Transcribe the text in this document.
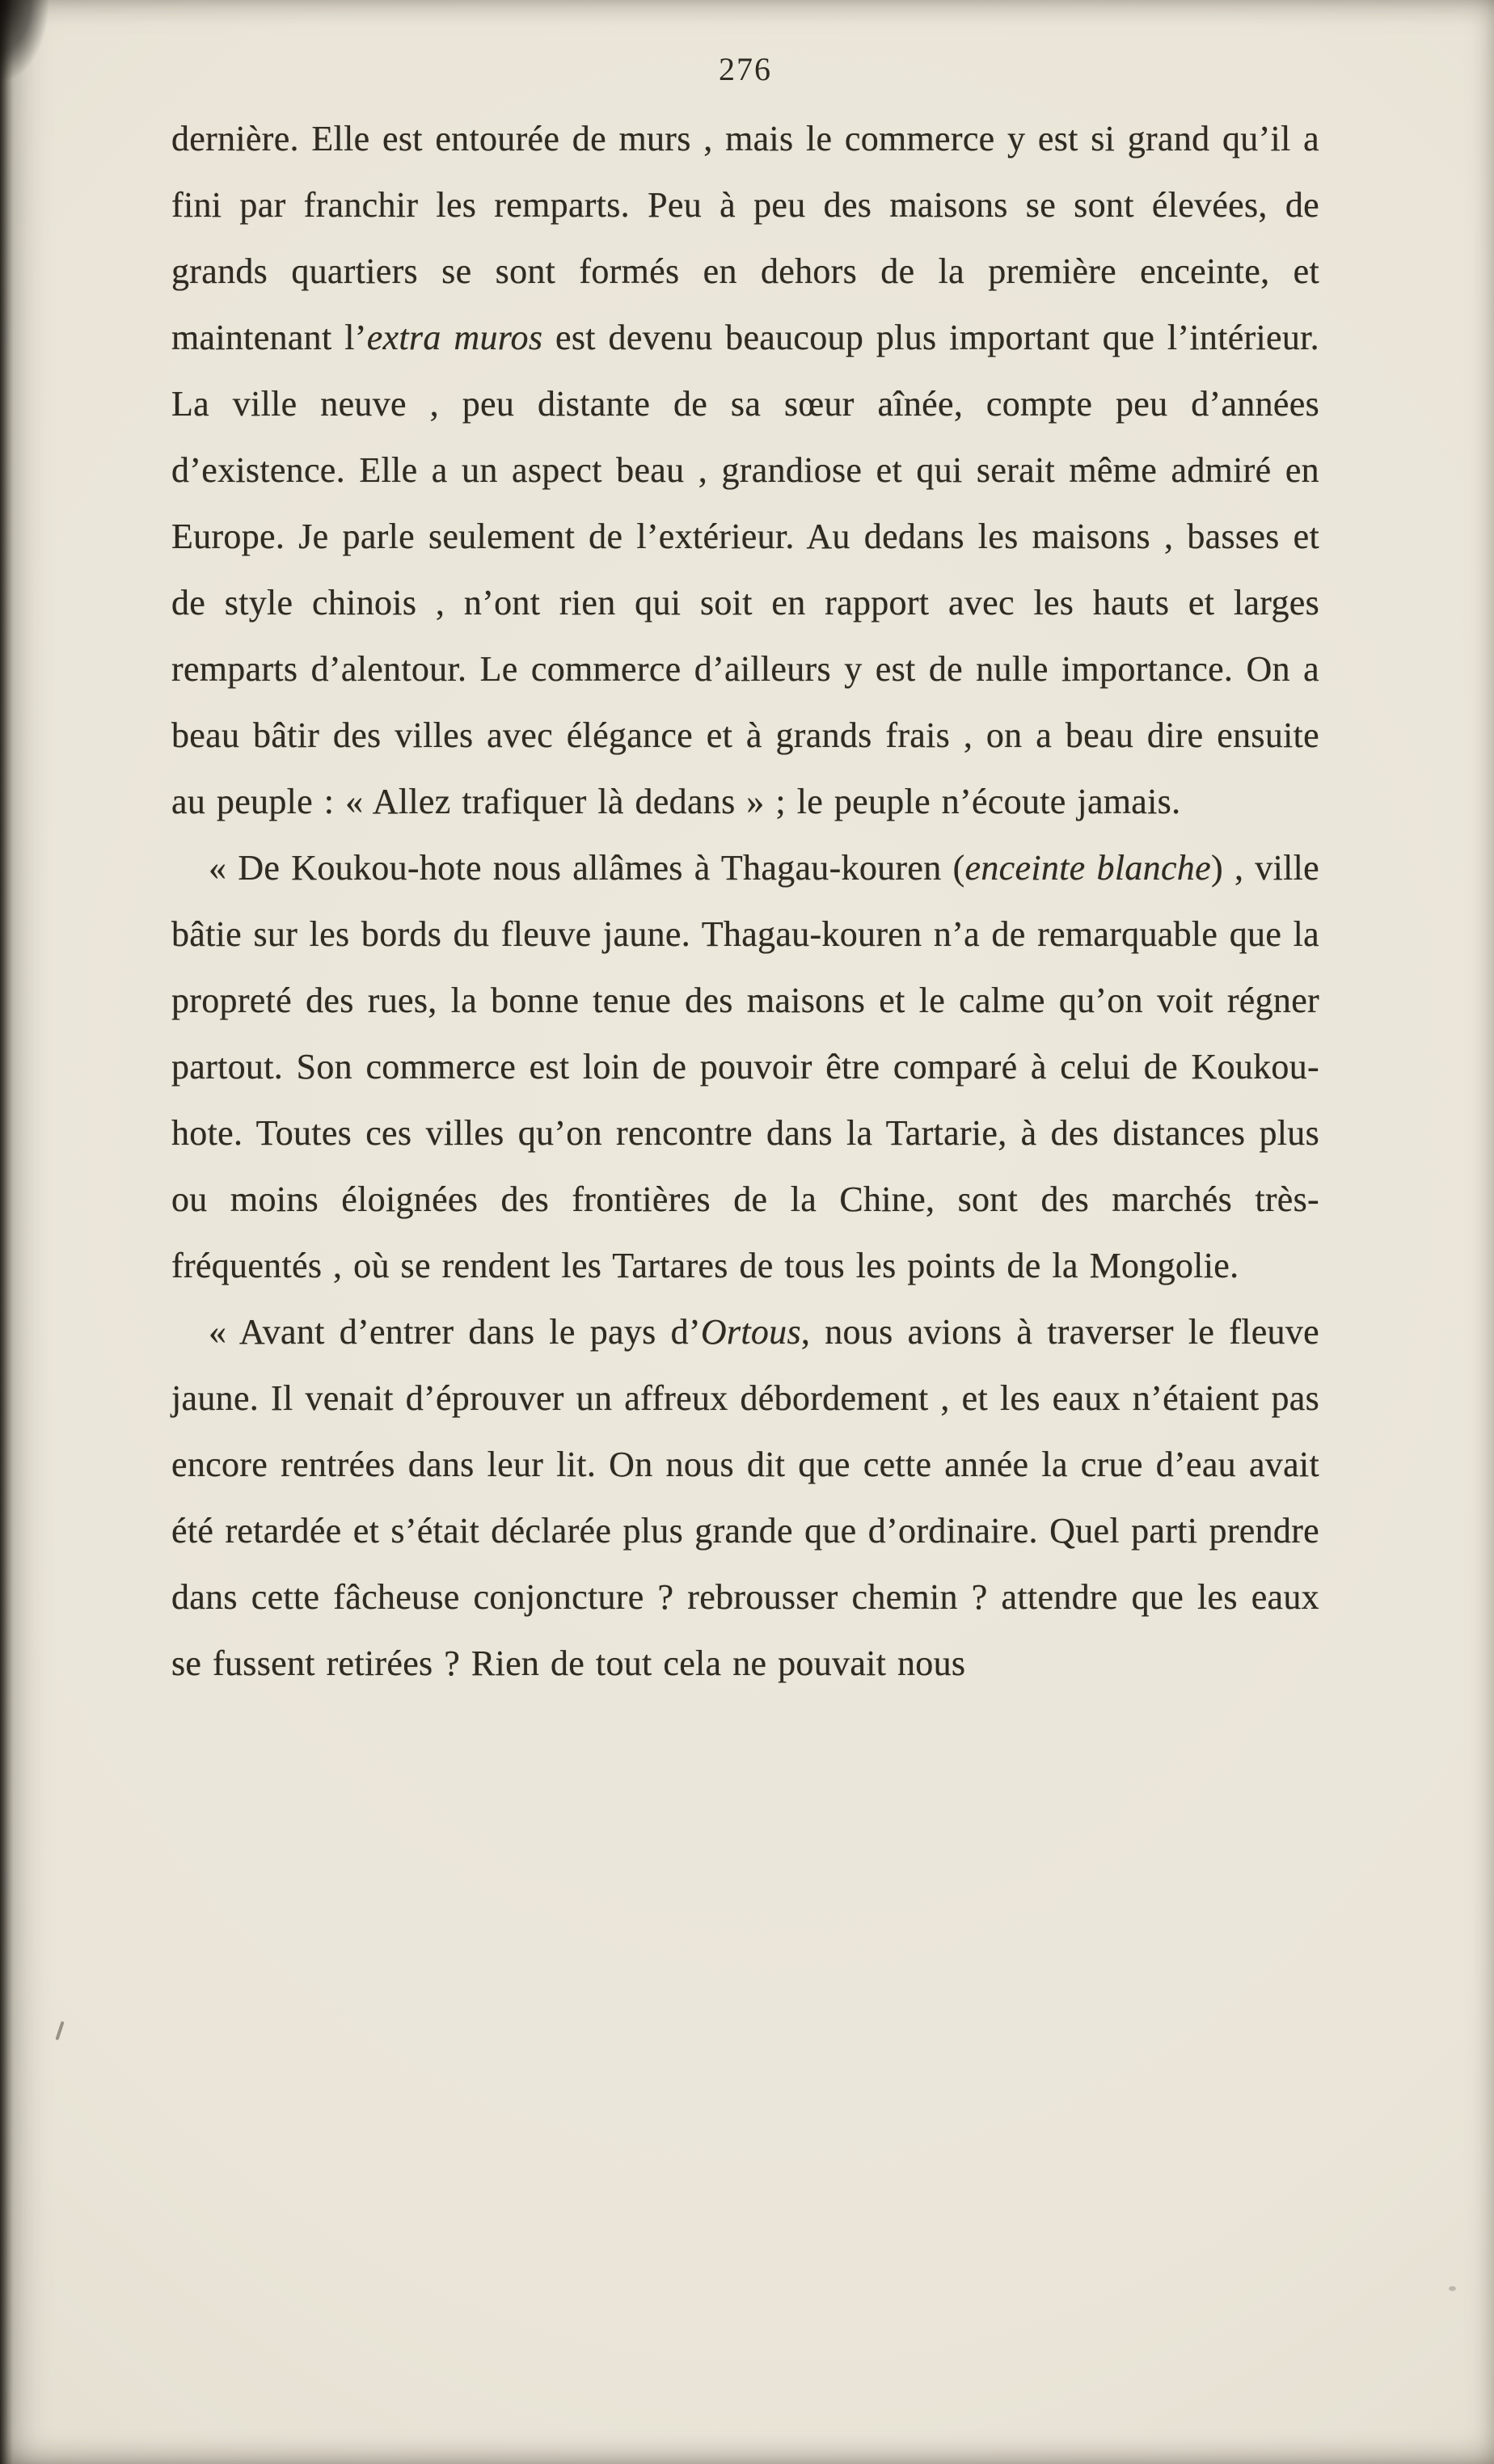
276

dernière. Elle est entourée de murs , mais le commerce y est si grand qu’il a fini par franchir les remparts. Peu à peu des maisons se sont élevées, de grands quartiers se sont formés en dehors de la première enceinte, et maintenant l’extra muros est devenu beaucoup plus important que l’intérieur. La ville neuve , peu distante de sa sœur aînée, compte peu d’années d’existence. Elle a un aspect beau , grandiose et qui serait même admiré en Europe. Je parle seulement de l’extérieur. Au dedans les maisons , basses et de style chinois , n’ont rien qui soit en rapport avec les hauts et larges remparts d’alentour. Le commerce d’ailleurs y est de nulle importance. On a beau bâtir des villes avec élégance et à grands frais , on a beau dire ensuite au peuple : « Allez trafiquer là dedans » ; le peuple n’écoute jamais.

« De Koukou-hote nous allâmes à Thagau-kouren (enceinte blanche) , ville bâtie sur les bords du fleuve jaune. Thagau-kouren n’a de remarquable que la propreté des rues, la bonne tenue des maisons et le calme qu’on voit régner partout. Son commerce est loin de pouvoir être comparé à celui de Koukou-hote. Toutes ces villes qu’on rencontre dans la Tartarie, à des distances plus ou moins éloignées des frontières de la Chine, sont des marchés très-fréquentés , où se rendent les Tartares de tous les points de la Mongolie.

« Avant d’entrer dans le pays d’Ortous, nous avions à traverser le fleuve jaune. Il venait d’éprouver un affreux débordement , et les eaux n’étaient pas encore rentrées dans leur lit. On nous dit que cette année la crue d’eau avait été retardée et s’était déclarée plus grande que d’ordinaire. Quel parti prendre dans cette fâcheuse conjoncture ? rebrousser chemin ? attendre que les eaux se fussent retirées ? Rien de tout cela ne pouvait nous
